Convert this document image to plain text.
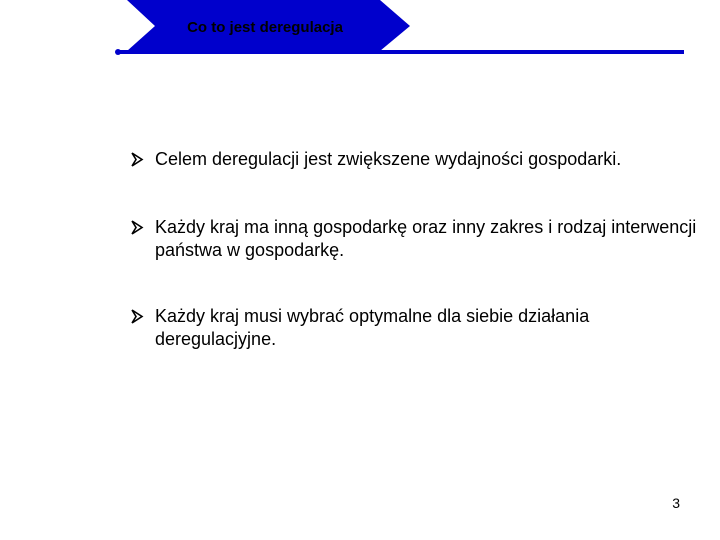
Co to jest deregulacja
Celem deregulacji jest zwiększene wydajności gospodarki.
Każdy kraj ma inną gospodarkę oraz inny zakres i rodzaj interwencji państwa w gospodarkę.
Każdy kraj musi wybrać optymalne dla siebie działania deregulacjyjne.
3
